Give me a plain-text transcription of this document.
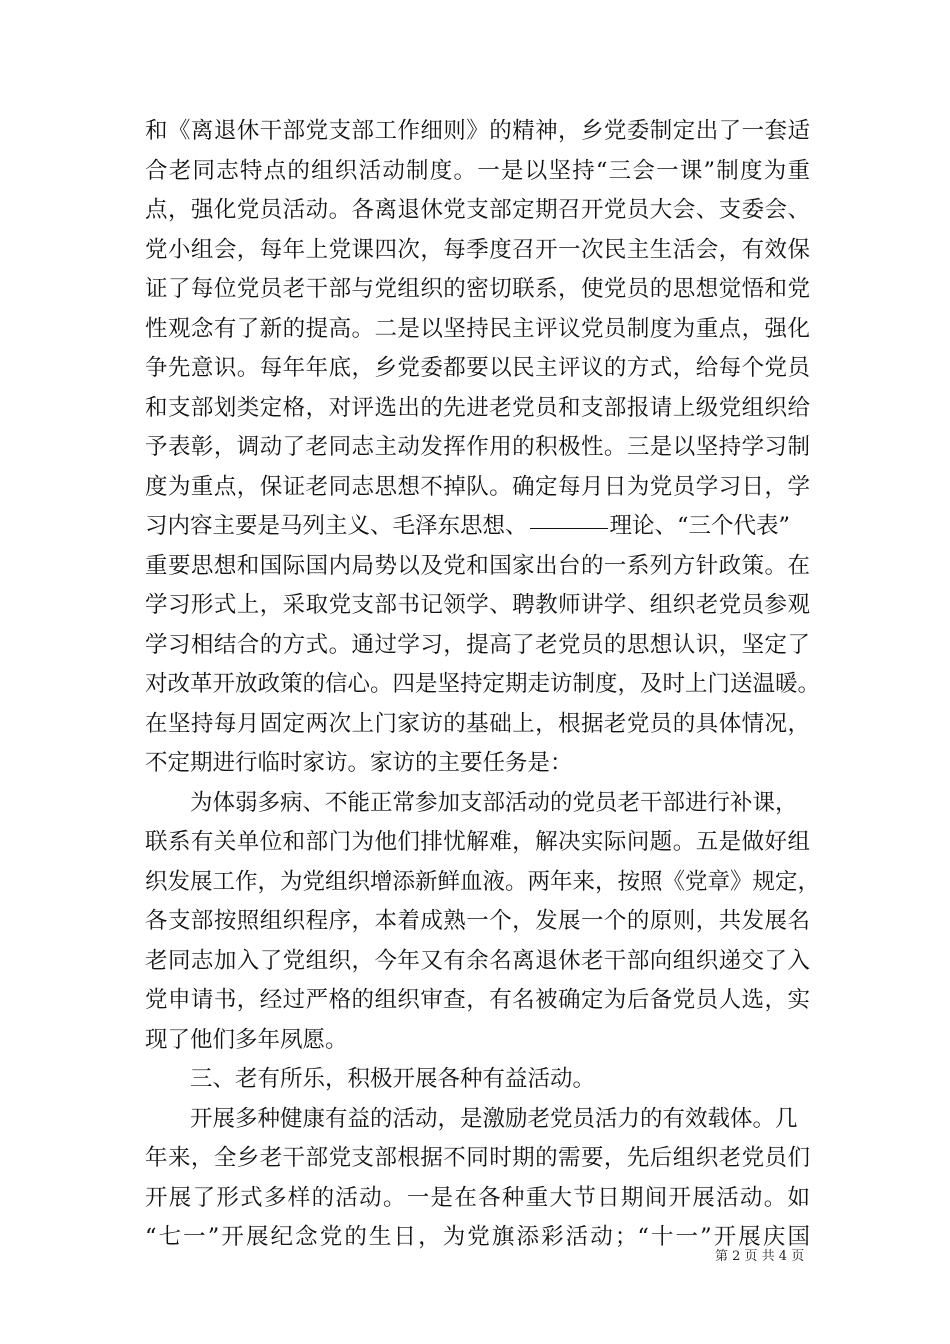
和《离退休干部党支部工作细则》的精神，乡党委制定出了一套适
合老同志特点的组织活动制度。一是以坚持“三会一课”制度为重
点，强化党员活动。各离退休党支部定期召开党员大会、支委会、
党小组会，每年上党课四次，每季度召开一次民主生活会，有效保
证了每位党员老干部与党组织的密切联系，使党员的思想觉悟和党
性观念有了新的提高。二是以坚持民主评议党员制度为重点，强化
争先意识。每年年底，乡党委都要以民主评议的方式，给每个党员
和支部划类定格，对评选出的先进老党员和支部报请上级党组织给
予表彰，调动了老同志主动发挥作用的积极性。三是以坚持学习制
度为重点，保证老同志思想不掉队。确定每月日为党员学习日，学
习内容主要是马列主义、毛泽东思想、	理论、“三个代表”
重要思想和国际国内局势以及党和国家出台的一系列方针政策。在
学习形式上，采取党支部书记领学、聘教师讲学、组织老党员参观
学习相结合的方式。通过学习，提高了老党员的思想认识，坚定了
对改革开放政策的信心。四是坚持定期走访制度，及时上门送温暖。
在坚持每月固定两次上门家访的基础上，根据老党员的具体情况，
不定期进行临时家访。家访的主要任务是：
为体弱多病、不能正常参加支部活动的党员老干部进行补课，
联系有关单位和部门为他们排忧解难，解决实际问题。五是做好组
织发展工作，为党组织增添新鲜血液。两年来，按照《党章》规定，
各支部按照组织程序，本着成熟一个，发展一个的原则，共发展名
老同志加入了党组织，今年又有余名离退休老干部向组织递交了入
党申请书，经过严格的组织审查，有名被确定为后备党员人选，实
现了他们多年夙愿。
三、老有所乐，积极开展各种有益活动。
开展多种健康有益的活动，是激励老党员活力的有效载体。几
年来，全乡老干部党支部根据不同时期的需要，先后组织老党员们
开展了形式多样的活动。一是在各种重大节日期间开展活动。如
“七一”开展纪念党的生日，为党旗添彩活动；“十一”开展庆国
第 2 页 共 4 页
